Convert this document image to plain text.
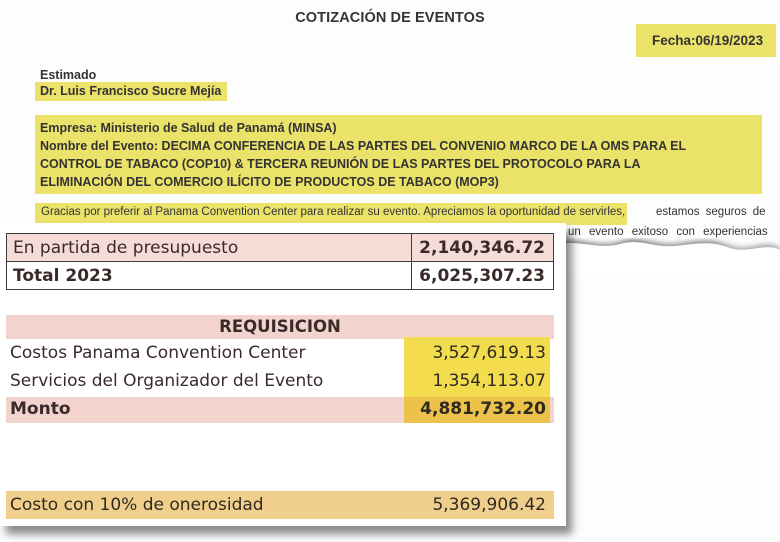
COTIZACIÓN DE EVENTOS
Fecha:06/19/2023
Estimado
Dr. Luis Francisco Sucre Mejía
Empresa: Ministerio de Salud de Panamá (MINSA)
Nombre del Evento: DECIMA CONFERENCIA DE LAS PARTES DEL CONVENIO MARCO DE LA OMS PARA EL
CONTROL DE TABACO (COP10) & TERCERA REUNIÓN DE LAS PARTES DEL PROTOCOLO PARA LA
ELIMINACIÓN DEL COMERCIO ILÍCITO DE PRODUCTOS DE TABACO (MOP3)
Gracias por preferir al Panama Convention Center para realizar su evento. Apreciamos la oportunidad de servirles,	estamos seguros de
un evento exitoso con experiencias
En partida de presupuesto	2,140,346.72
Total 2023	6,025,307.23
REQUISICION
Costos Panama Convention Center	3,527,619.13
Servicios del Organizador del Evento	1,354,113.07
Monto	4,881,732.20
Costo con 10% de onerosidad	5,369,906.42
